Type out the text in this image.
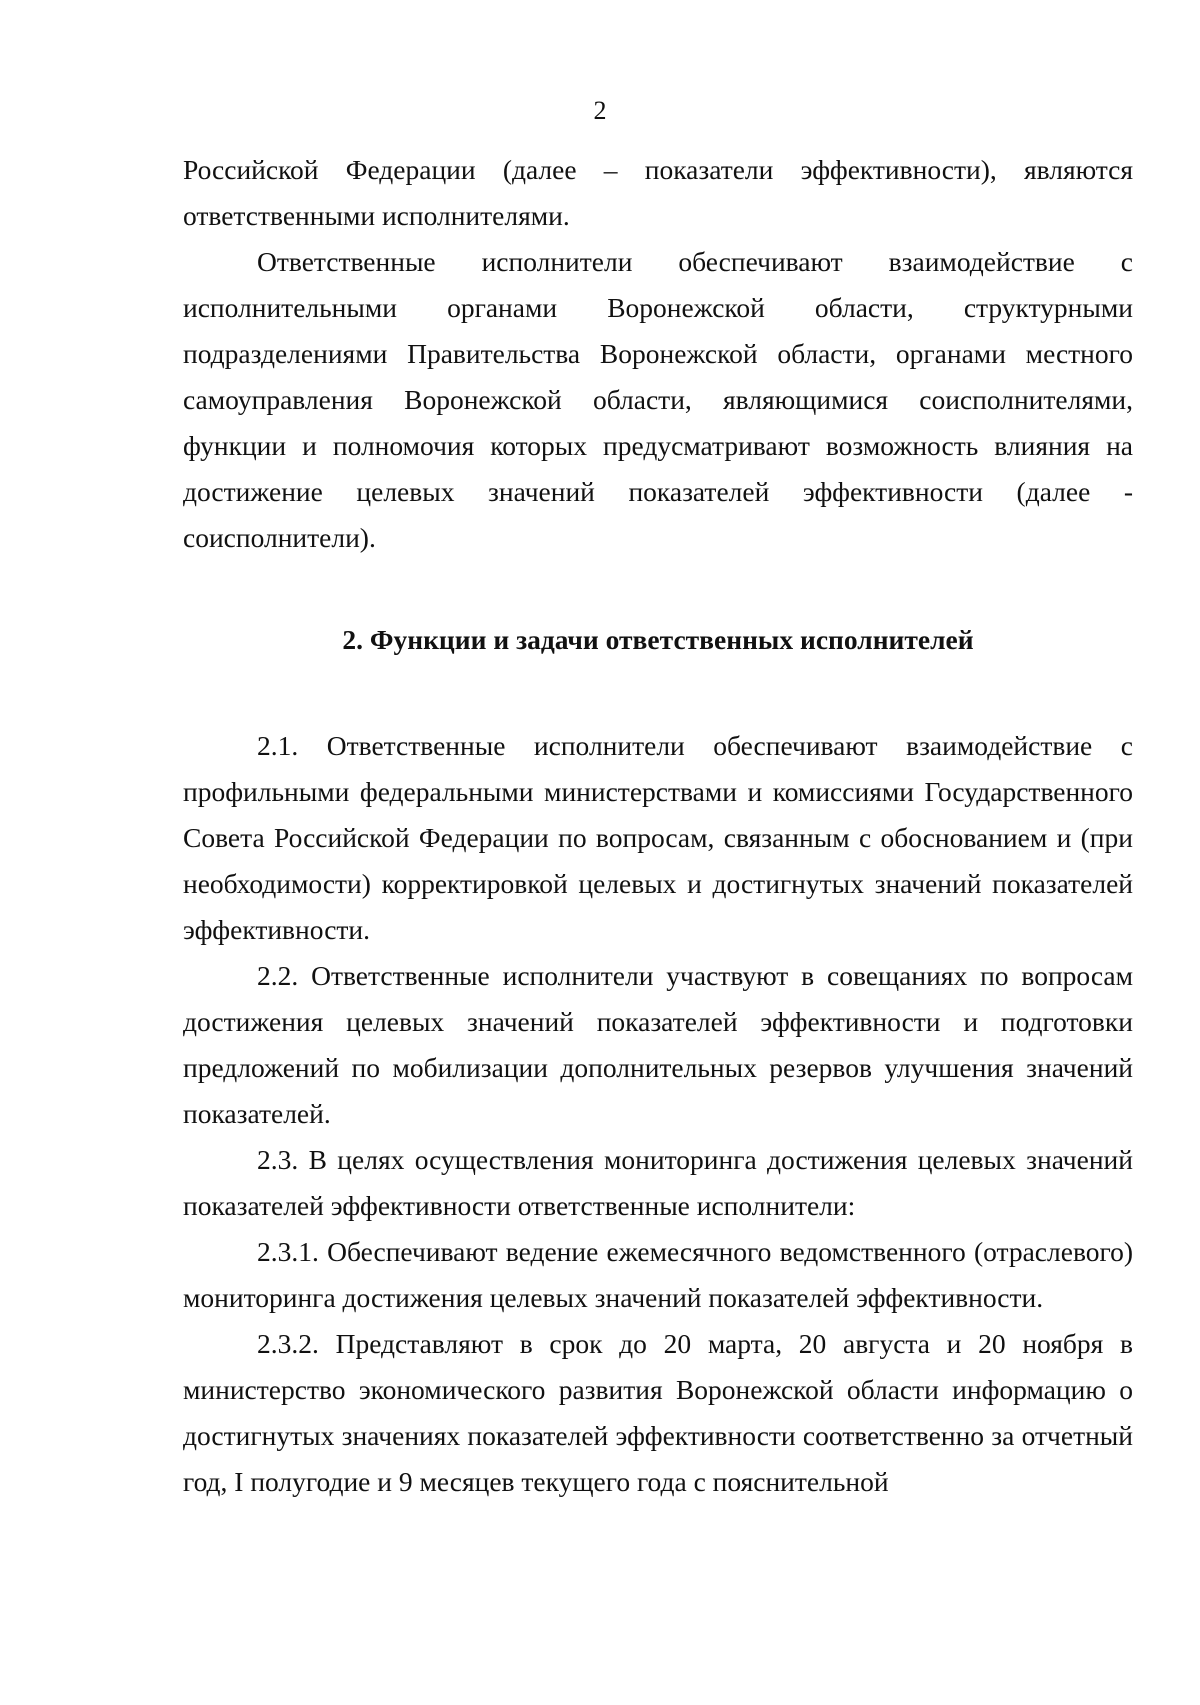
2

Российской Федерации (далее – показатели эффективности), являются ответственными исполнителями.

Ответственные исполнители обеспечивают взаимодействие с исполнительными органами Воронежской области, структурными подразделениями Правительства Воронежской области, органами местного самоуправления Воронежской области, являющимися соисполнителями, функции и полномочия которых предусматривают возможность влияния на достижение целевых значений показателей эффективности (далее - соисполнители).

2. Функции и задачи ответственных исполнителей

2.1. Ответственные исполнители обеспечивают взаимодействие с профильными федеральными министерствами и комиссиями Государственного Совета Российской Федерации по вопросам, связанным с обоснованием и (при необходимости) корректировкой целевых и достигнутых значений показателей эффективности.

2.2. Ответственные исполнители участвуют в совещаниях по вопросам достижения целевых значений показателей эффективности и подготовки предложений по мобилизации дополнительных резервов улучшения значений показателей.

2.3. В целях осуществления мониторинга достижения целевых значений показателей эффективности ответственные исполнители:

2.3.1. Обеспечивают ведение ежемесячного ведомственного (отраслевого) мониторинга достижения целевых значений показателей эффективности.

2.3.2. Представляют в срок до 20 марта, 20 августа и 20 ноября в министерство экономического развития Воронежской области информацию о достигнутых значениях показателей эффективности соответственно за отчетный год, I полугодие и 9 месяцев текущего года с пояснительной
